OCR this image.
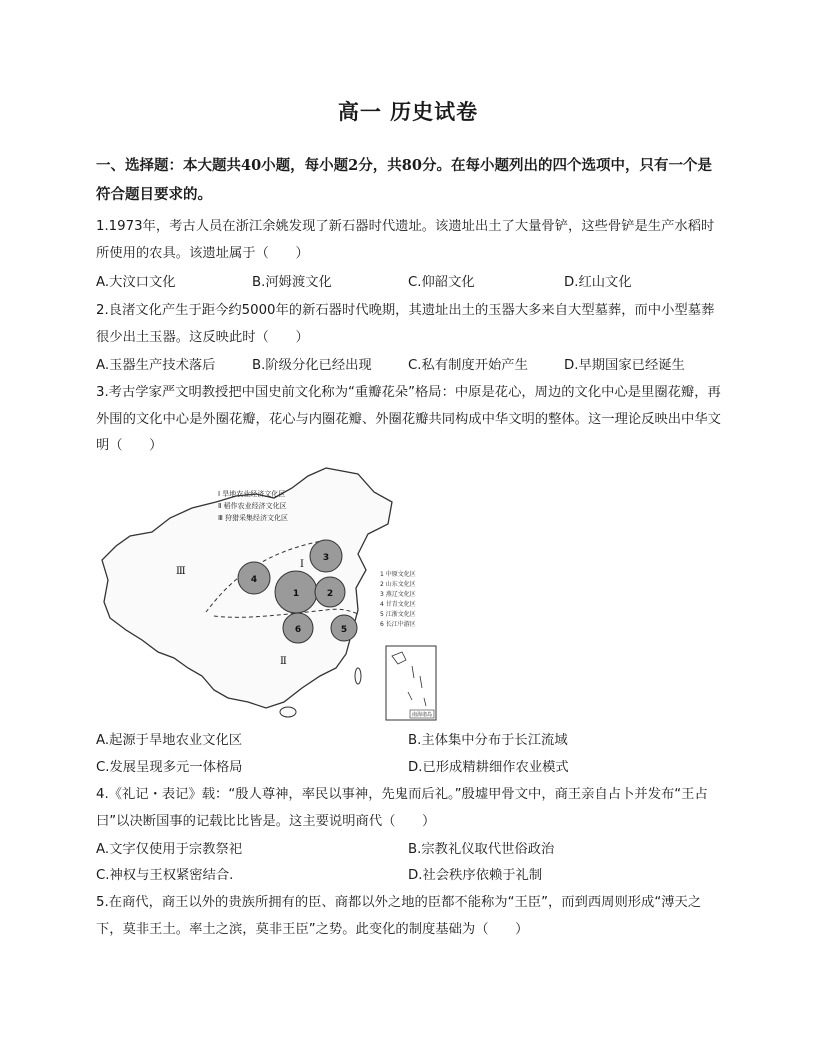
高一 历史试卷
一、选择题：本大题共40小题，每小题2分，共80分。在每小题列出的四个选项中，只有一个是符合题目要求的。
1.1973年，考古人员在浙江余姚发现了新石器时代遗址。该遗址出土了大量骨铲，这些骨铲是生产水稻时所使用的农具。该遗址属于（　　）
A.大汶口文化	B.河姆渡文化	C.仰韶文化	D.红山文化
2.良渚文化产生于距今约5000年的新石器时代晚期，其遗址出土的玉器大多来自大型墓葬，而中小型墓葬很少出土玉器。这反映此时（　　）
A.玉器生产技术落后	B.阶级分化已经出现	C.私有制度开始产生	D.早期国家已经诞生
3.考古学家严文明教授把中国史前文化称为“重瓣花朵”格局：中原是花心，周边的文化中心是里圈花瓣，再外围的文化中心是外圈花瓣，花心与内圈花瓣、外圈花瓣共同构成中华文明的整体。这一理论反映出中华文明（　　）
1	2
3
4
5
6
Ⅰ
Ⅱ
Ⅲ
Ⅰ 旱地农业经济文化区
Ⅱ 稻作农业经济文化区
Ⅲ 狩猎采集经济文化区
1 中原文化区
2 山东文化区
3 燕辽文化区
4 甘青文化区
5 江浙文化区
6 长江中游区
南海诸岛
A.起源于旱地农业文化区	B.主体集中分布于长江流域
C.发展呈现多元一体格局	D.已形成精耕细作农业模式
4.《礼记・表记》载：“殷人尊神，率民以事神，先鬼而后礼。”殷墟甲骨文中，商王亲自占卜并发布“王占曰”以决断国事的记载比比皆是。这主要说明商代（　　）
A.文字仅使用于宗教祭祀	B.宗教礼仪取代世俗政治
C.神权与王权紧密结合.	D.社会秩序依赖于礼制
5.在商代，商王以外的贵族所拥有的臣、商都以外之地的臣都不能称为“王臣”，而到西周则形成“溥天之下，莫非王土。率土之滨，莫非王臣”之势。此变化的制度基础为（　　）
